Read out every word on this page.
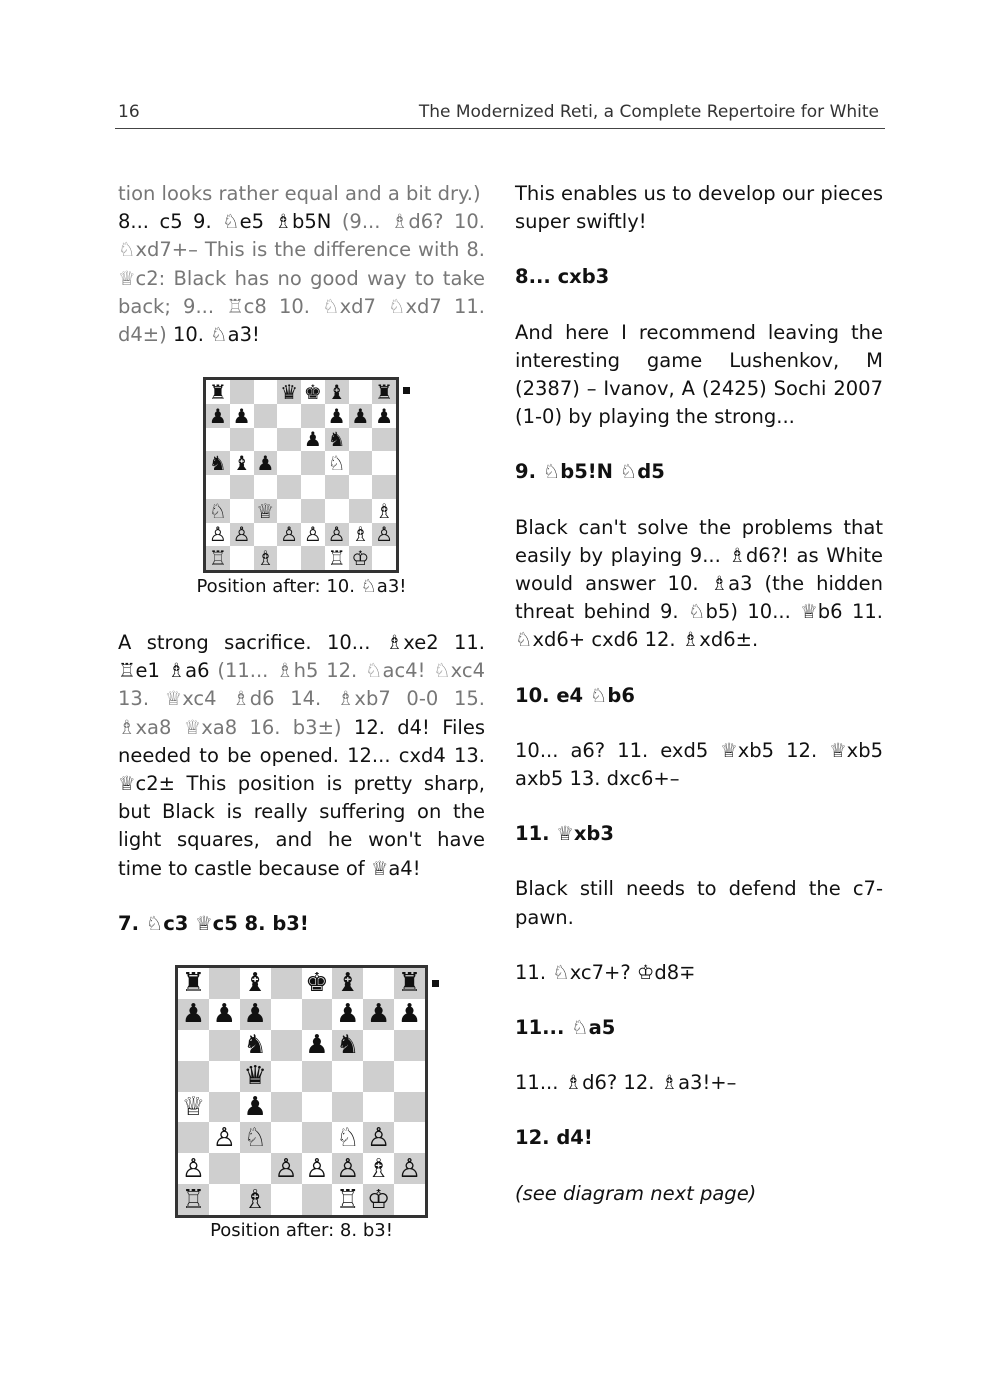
16	The Modernized Reti, a Complete Repertoire for White

tion looks rather equal and a bit dry.)
8... c5 9. ♘e5 ♗b5N (9... ♗d6? 10. ♘xd7+– This is the difference with 8. ♕c2: Black has no good way to take back; 9... ♖c8 10. ♘xd7 ♘xd7 11. d4±) 10. ♘a3!

♜	♛ ♚ ♝ ♜
♟ ♟	♟ ♟ ♟
♟ ♞
♞ ♝ ♟	♘
♘ ♕	♗
♙ ♙ ♙ ♙ ♙ ♗ ♙
♖ ♗	♖ ♔
Position after: 10. ♘a3!

A strong sacrifice. 10... ♗xe2 11. ♖e1 ♗a6 (11... ♗h5 12. ♘ac4! ♘xc4 13. ♕xc4 ♗d6 14. ♗xb7 0-0 15. ♗xa8 ♕xa8 16. b3±) 12. d4! Files needed to be opened. 12... cxd4 13. ♕c2± This position is pretty sharp, but Black is really suffering on the light squares, and he won't have time to castle because of ♕a4!

7. ♘c3 ♕c5 8. b3!

♜ ♝ ♚ ♝ ♜
♟ ♟ ♟	♟ ♟ ♟
♞ ♟ ♞
♛
♕ ♟
♙ ♘	♘ ♙
♙	♙ ♙ ♙ ♗ ♙
♖ ♗	♖ ♔
Position after: 8. b3!

This enables us to develop our pieces super swiftly!

8... cxb3

And here I recommend leaving the interesting game Lushenkov, M (2387) – Ivanov, A (2425) Sochi 2007 (1-0) by playing the strong...

9. ♘b5!N ♘d5

Black can't solve the problems that easily by playing 9... ♗d6?! as White would answer 10. ♗a3 (the hidden threat behind 9. ♘b5) 10... ♕b6 11. ♘xd6+ cxd6 12. ♗xd6±.

10. e4 ♘b6

10... a6? 11. exd5 ♕xb5 12. ♕xb5 axb5 13. dxc6+–

11. ♕xb3

Black still needs to defend the c7-pawn.

11. ♘xc7+? ♔d8∓

11... ♘a5

11... ♗d6? 12. ♗a3!+–

12. d4!

(see diagram next page)
